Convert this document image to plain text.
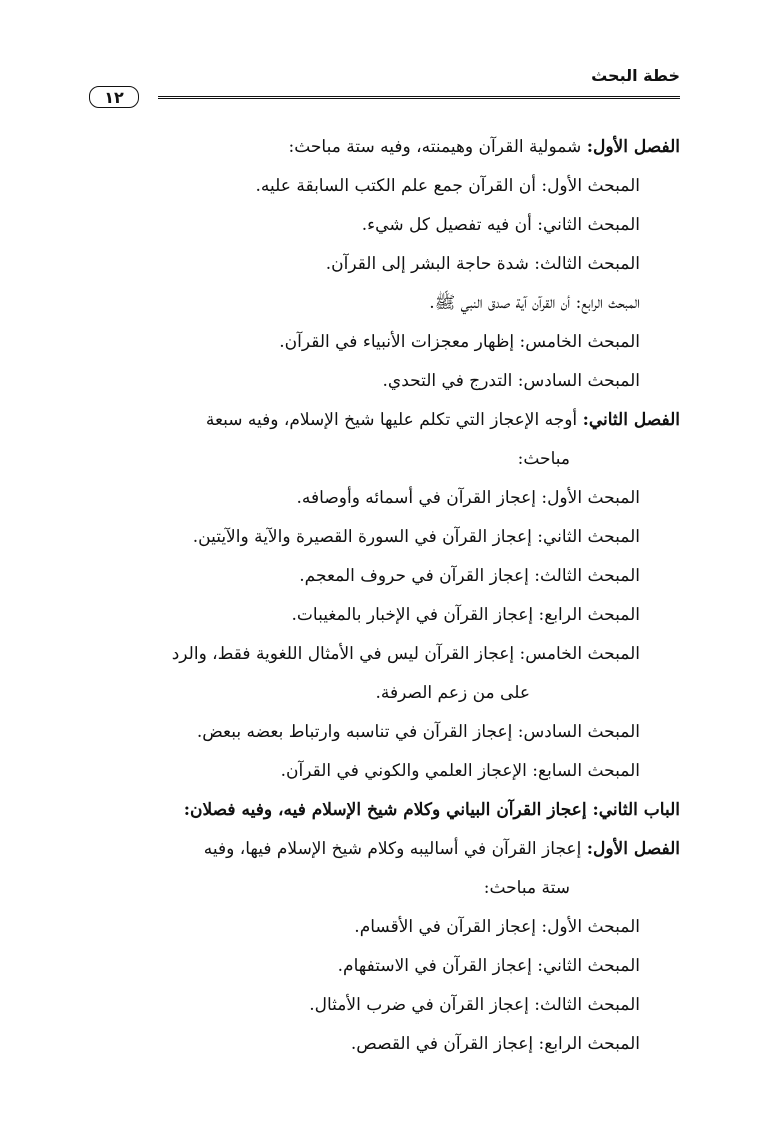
خطة البحث
١٢
الفصل الأول: شمولية القرآن وهيمنته، وفيه ستة مباحث:
المبحث الأول: أن القرآن جمع علم الكتب السابقة عليه.
المبحث الثاني: أن فيه تفصيل كل شيء.
المبحث الثالث: شدة حاجة البشر إلى القرآن.
المبحث الرابع: أن القرآن آية صدق النبي ﷺ.
المبحث الخامس: إظهار معجزات الأنبياء في القرآن.
المبحث السادس: التدرج في التحدي.
الفصل الثاني: أوجه الإعجاز التي تكلم عليها شيخ الإسلام، وفيه سبعة
مباحث:
المبحث الأول: إعجاز القرآن في أسمائه وأوصافه.
المبحث الثاني: إعجاز القرآن في السورة القصيرة والآية والآيتين.
المبحث الثالث: إعجاز القرآن في حروف المعجم.
المبحث الرابع: إعجاز القرآن في الإخبار بالمغيبات.
المبحث الخامس: إعجاز القرآن ليس في الأمثال اللغوية فقط، والرد
على من زعم الصرفة.
المبحث السادس: إعجاز القرآن في تناسبه وارتباط بعضه ببعض.
المبحث السابع: الإعجاز العلمي والكوني في القرآن.
الباب الثاني: إعجاز القرآن البياني وكلام شيخ الإسلام فيه، وفيه فصلان:
الفصل الأول: إعجاز القرآن في أساليبه وكلام شيخ الإسلام فيها، وفيه
ستة مباحث:
المبحث الأول: إعجاز القرآن في الأقسام.
المبحث الثاني: إعجاز القرآن في الاستفهام.
المبحث الثالث: إعجاز القرآن في ضرب الأمثال.
المبحث الرابع: إعجاز القرآن في القصص.
